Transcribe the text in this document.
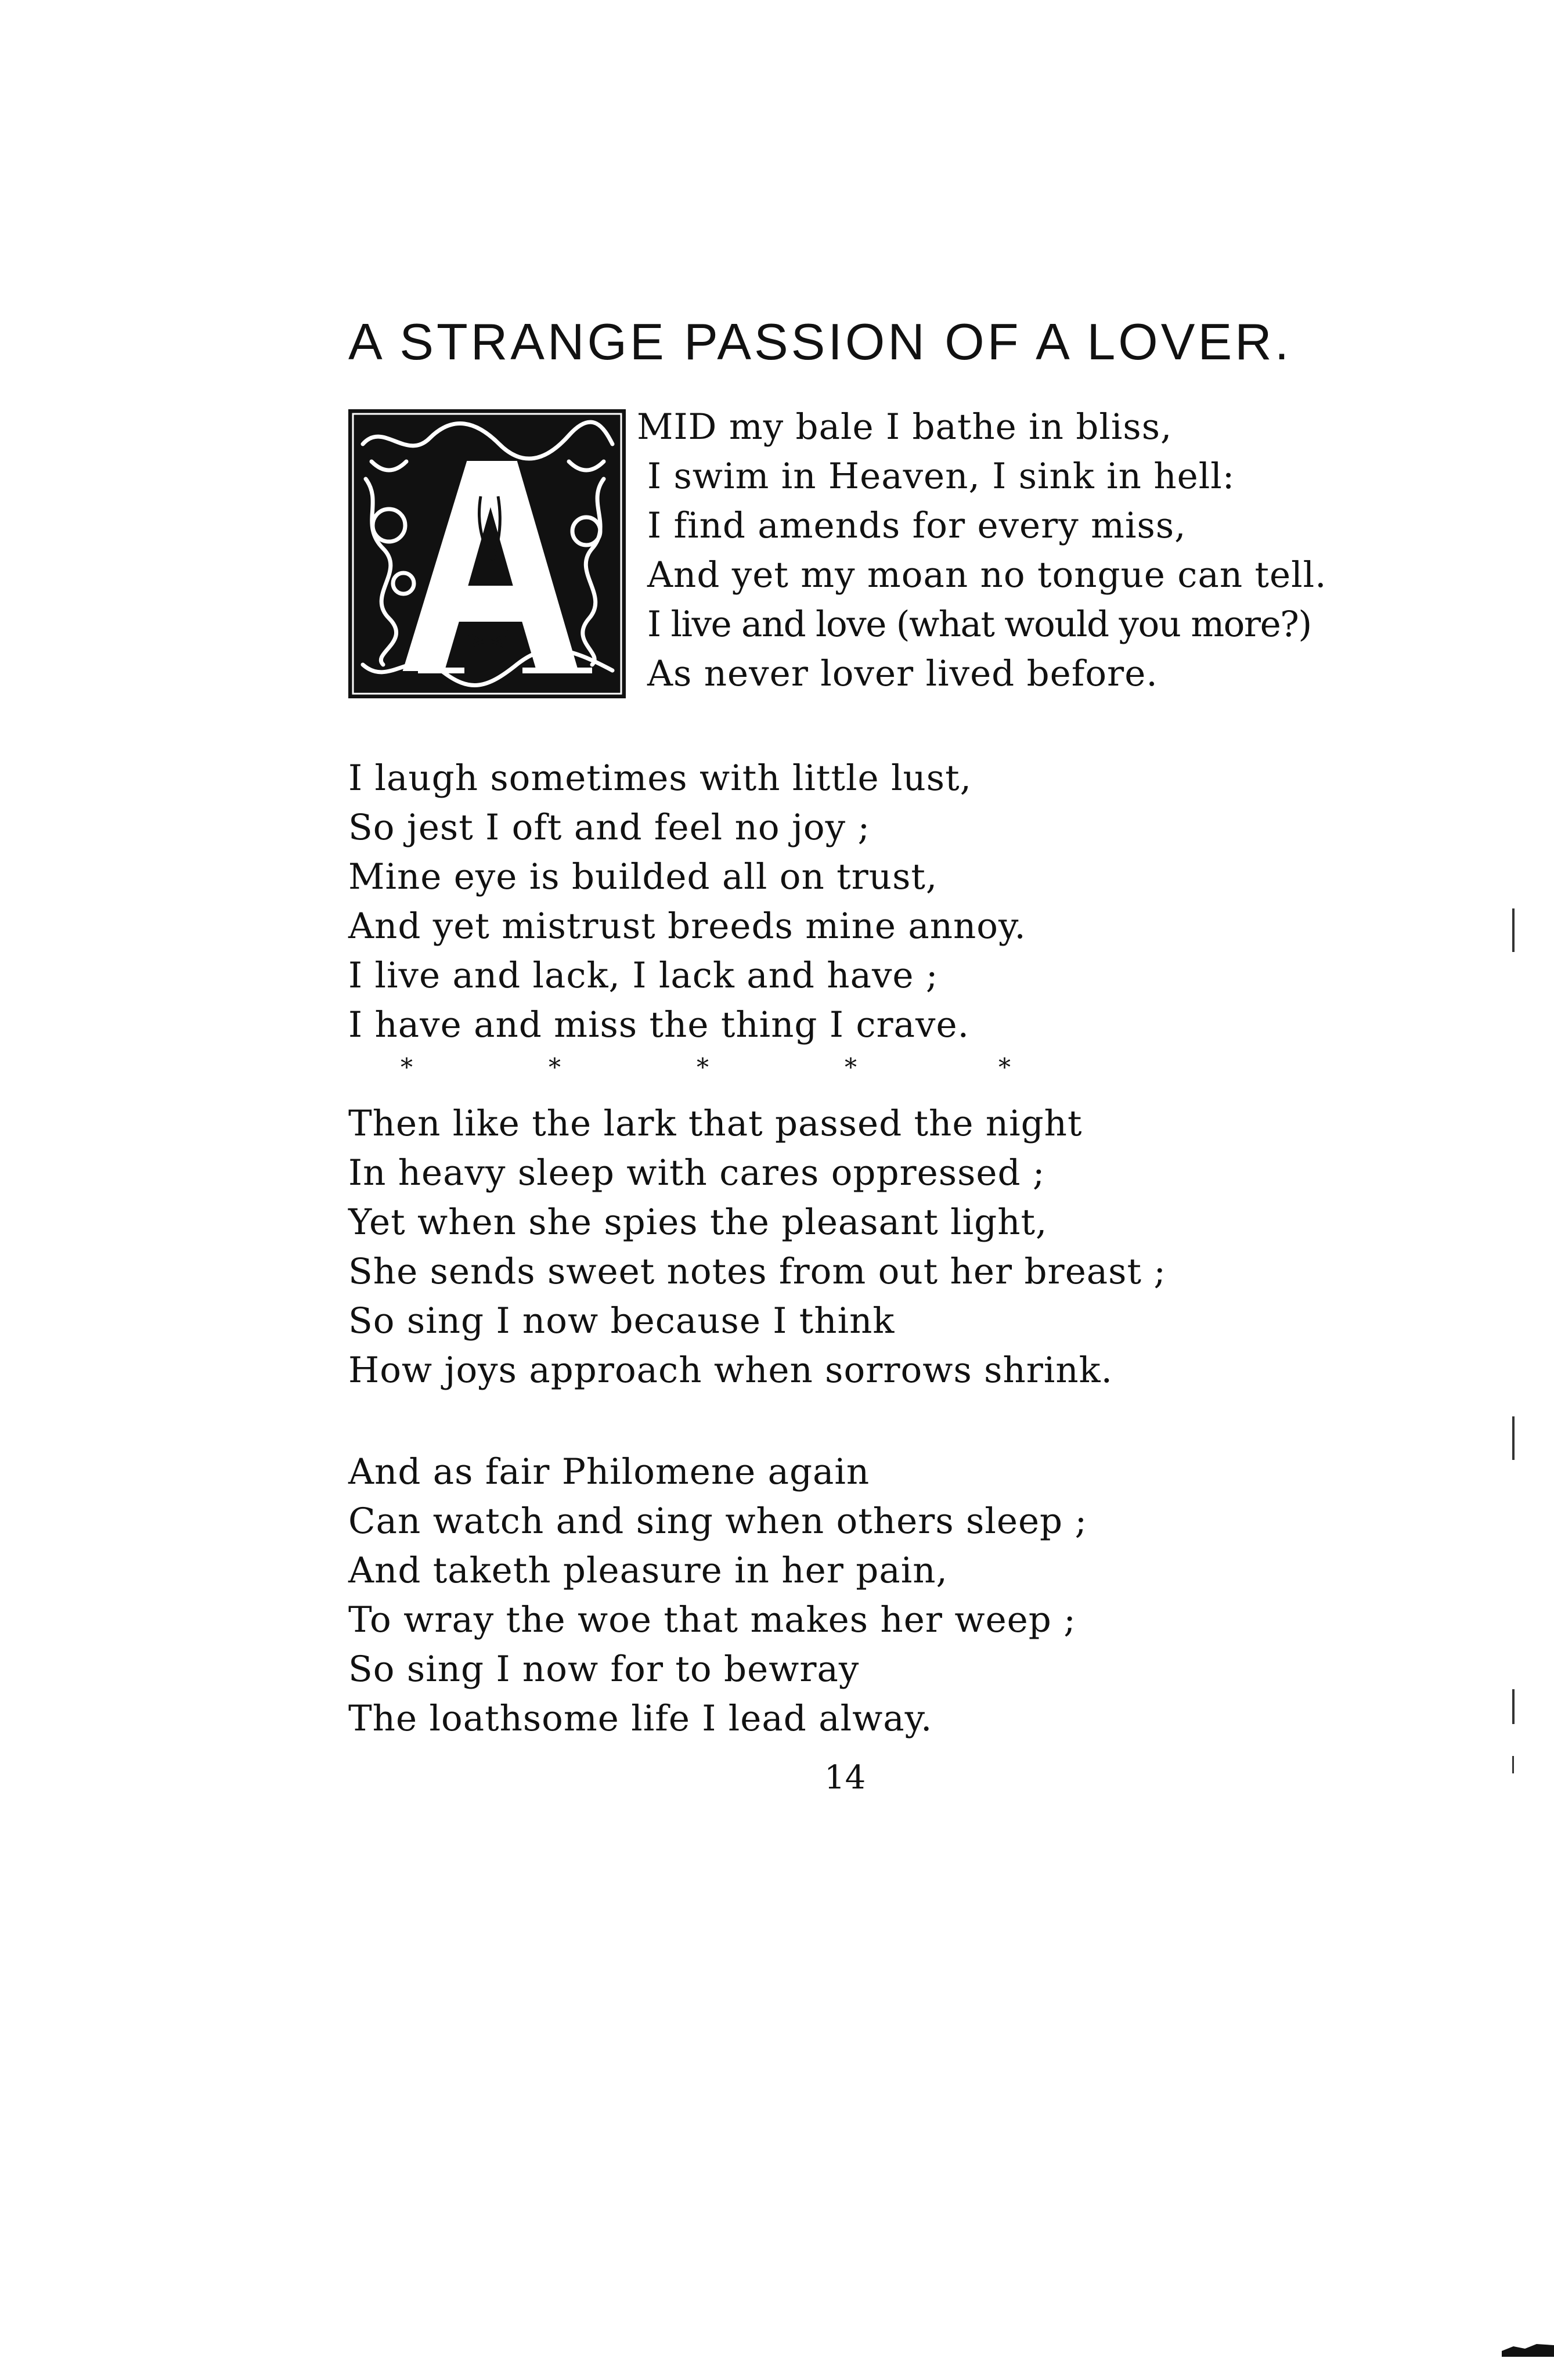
A STRANGE PASSION OF A LOVER.
MID my bale I bathe in bliss,
I swim in Heaven, I sink in hell:
I find amends for every miss,
And yet my moan no tongue can tell.
I live and love (what would you more?)
As never lover lived before.
I laugh sometimes with little lust,
So jest I oft and feel no joy ;
Mine eye is builded all on trust,
And yet mistrust breeds mine annoy.
I live and lack, I lack and have ;
I have and miss the thing I crave.
*	*	*	*	*
Then like the lark that passed the night
In heavy sleep with cares oppressed ;
Yet when she spies the pleasant light,
She sends sweet notes from out her breast ;
So sing I now because I think
How joys approach when sorrows shrink.
And as fair Philomene again
Can watch and sing when others sleep ;
And taketh pleasure in her pain,
To wray the woe that makes her weep ;
So sing I now for to bewray
The loathsome life I lead alway.
14
